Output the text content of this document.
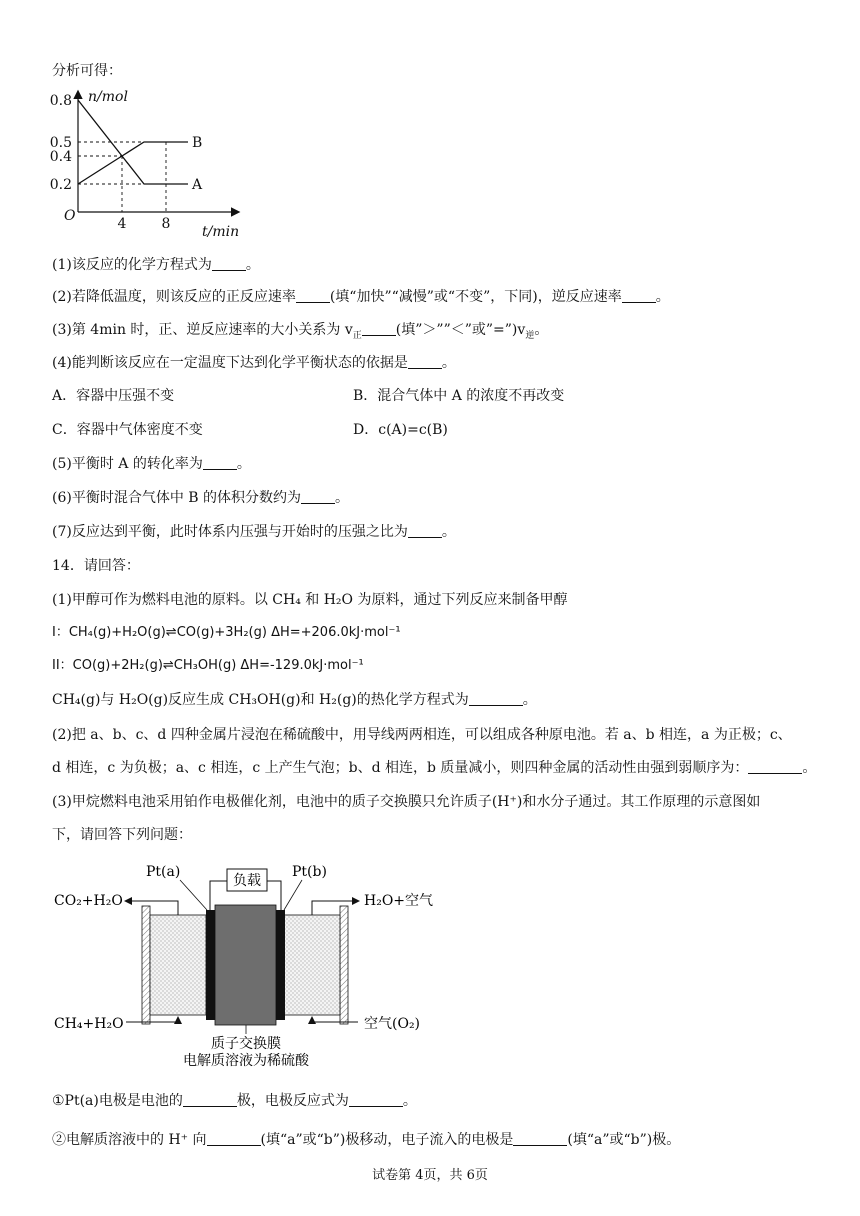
分析可得：
A
B
0.8
0.5
0.4
0.2
4	8
n/mol
t/min
O
(1)该反应的化学方程式为 。
(2)若降低温度，则该反应的正反应速率 (填“加快”“减慢”或“不变”，下同)，逆反应速率 。
(3)第 4min 时，正、逆反应速率的大小关系为 $v_正$ (填”＞””＜”或$”=”)v_逆$。
(4)能判断该反应在一定温度下达到化学平衡状态的依据是 。
A．容器中压强不变	B．混合气体中 A 的浓度不再改变
C．容器中气体密度不变	D．c(A)=c(B)
(5)平衡时 A 的转化率为 。
(6)平衡时混合气体中 B 的体积分数约为 。
(7)反应达到平衡，此时体系内压强与开始时的压强之比为 。
14．请回答：
(1)甲醇可作为燃料电池的原料。以 CH₄ 和 H₂O 为原料，通过下列反应来制备甲醇
I：CH₄(g)+H₂O(g)⇌CO(g)+3H₂(g) ΔH=+206.0kJ·mol⁻¹
II：CO(g)+2H₂(g)⇌CH₃OH(g) ΔH=-129.0kJ·mol⁻¹
CH₄(g)与 H₂O(g)反应生成 CH₃OH(g)和 H₂(g)的热化学方程式为	。
(2)把 a、b、c、d 四种金属片浸泡在稀硫酸中，用导线两两相连，可以组成各种原电池。若 a、b 相连，a 为正极；c、
d 相连，c 为负极；a、c 相连，c 上产生气泡；b、d 相连，b 质量减小，则四种金属的活动性由强到弱顺序为：	。
(3)甲烷燃料电池采用铂作电极催化剂，电池中的质子交换膜只允许质子(H⁺)和水分子通过。其工作原理的示意图如
下，请回答下列问题：
负载
Pt(a)	Pt(b)
CO₂+H₂O	H₂O+空气
CH₄+H₂O	空气(O₂)
质子交换膜
电解质溶液为稀硫酸
①Pt(a)电极是电池的	极，电极反应式为	。
②电解质溶液中的 H⁺ 向	(填“a”或“b”)极移动，电子流入的电极是	(填“a”或“b”)极。
试卷第 4页，共 6页
